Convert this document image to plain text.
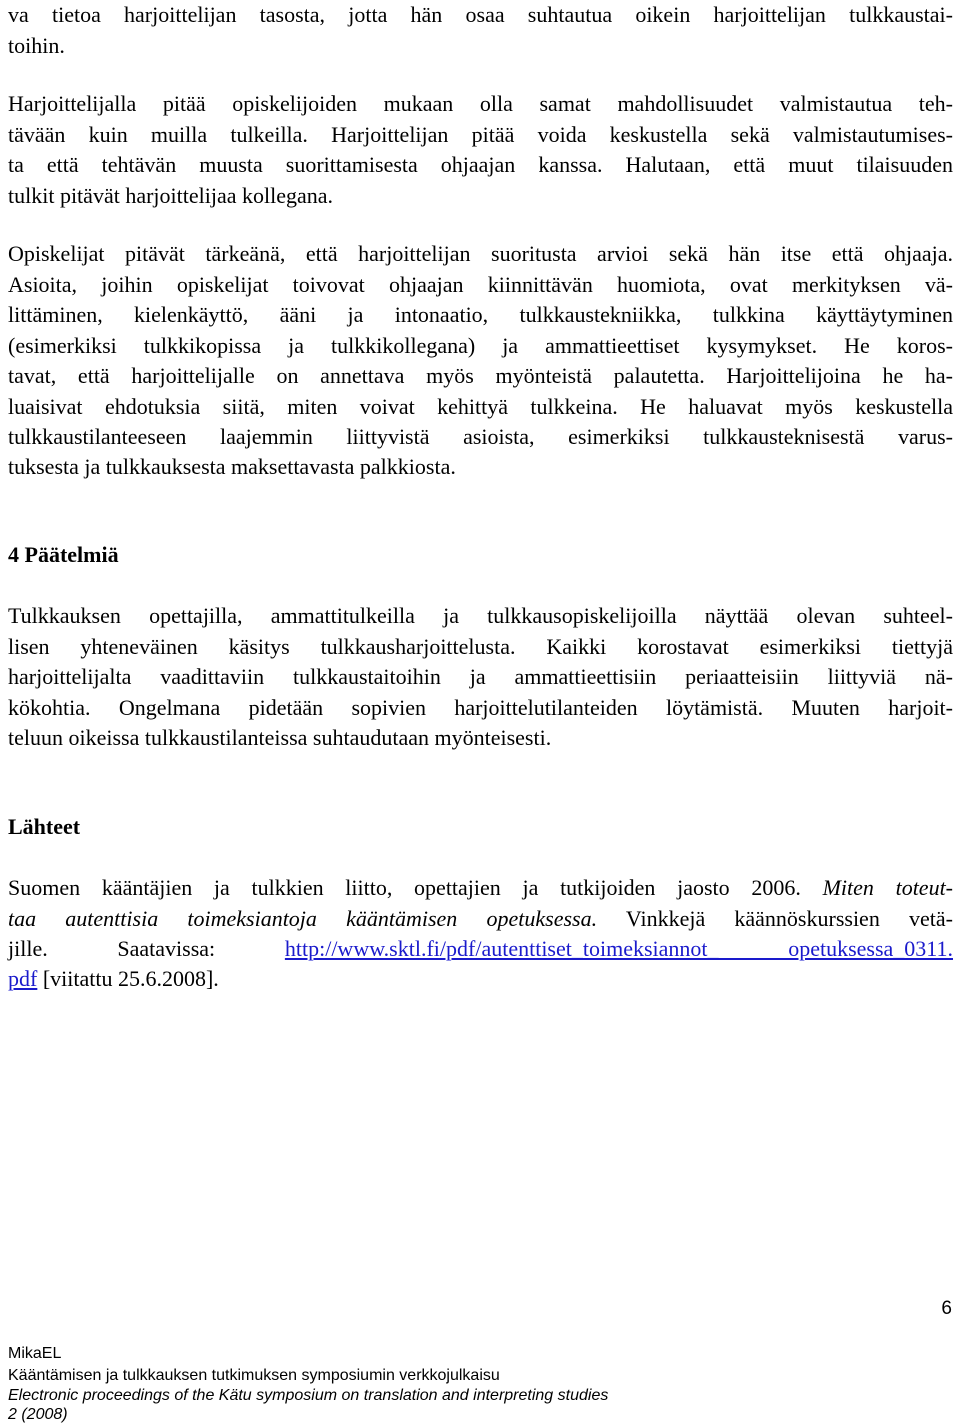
va tietoa harjoittelijan tasosta, jotta hän osaa suhtautua oikein harjoittelijan tulkkaustai-
toihin.
Harjoittelijalla pitää opiskelijoiden mukaan olla samat mahdollisuudet valmistautua teh-
tävään kuin muilla tulkeilla. Harjoittelijan pitää voida keskustella sekä valmistautumises-
ta että tehtävän muusta suorittamisesta ohjaajan kanssa. Halutaan, että muut tilaisuuden
tulkit pitävät harjoittelijaa kollegana.
Opiskelijat pitävät tärkeänä, että harjoittelijan suoritusta arvioi sekä hän itse että ohjaaja.
Asioita, joihin opiskelijat toivovat ohjaajan kiinnittävän huomiota, ovat merkityksen vä-
littäminen, kielenkäyttö, ääni ja intonaatio, tulkkaustekniikka, tulkkina käyttäytyminen
(esimerkiksi tulkkikopissa ja tulkkikollegana) ja ammattieettiset kysymykset. He koros-
tavat, että harjoittelijalle on annettava myös myönteistä palautetta. Harjoittelijoina he ha-
luaisivat ehdotuksia siitä, miten voivat kehittyä tulkkeina. He haluavat myös keskustella
tulkkaustilanteeseen laajemmin liittyvistä asioista, esimerkiksi tulkkausteknisestä varus-
tuksesta ja tulkkauksesta maksettavasta palkkiosta.
4 Päätelmiä
Tulkkauksen opettajilla, ammattitulkeilla ja tulkkausopiskelijoilla näyttää olevan suhteel-
lisen yhteneväinen käsitys tulkkausharjoittelusta. Kaikki korostavat esimerkiksi tiettyjä
harjoittelijalta vaadittaviin tulkkaustaitoihin ja ammattieettisiin periaatteisiin liittyviä nä-
kökohtia. Ongelmana pidetään sopivien harjoittelutilanteiden löytämistä. Muuten harjoit-
teluun oikeissa tulkkaustilanteissa suhtaudutaan myönteisesti.
Lähteet
Suomen kääntäjien ja tulkkien liitto, opettajien ja tutkijoiden jaosto 2006. Miten toteut-
taa autenttisia toimeksiantoja kääntämisen opetuksessa. Vinkkejä käännöskurssien vetä-
jille. Saatavissa:	http://www.sktl.fi/pdf/autenttiset_toimeksiannot_ opetuksessa_0311.
pdf [viitattu 25.6.2008].
6
MikaEL
Kääntämisen ja tulkkauksen tutkimuksen symposiumin verkkojulkaisu
Electronic proceedings of the Kätu symposium on translation and interpreting studies
2 (2008)
